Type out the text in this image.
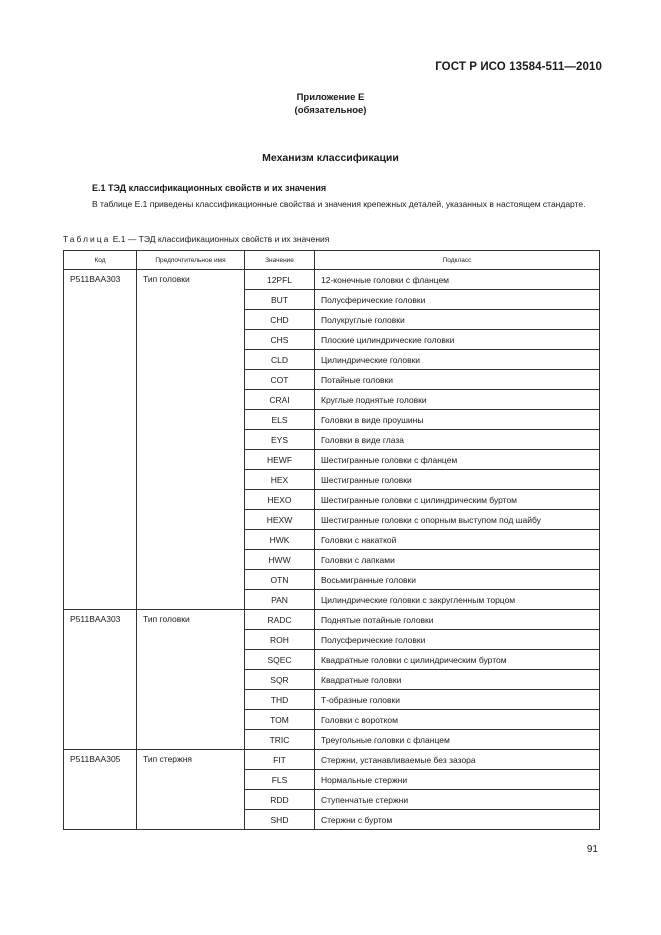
ГОСТ Р ИСО 13584-511—2010
Приложение Е
(обязательное)
Механизм классификации
Е.1 ТЭД классификационных свойств и их значения
В таблице Е.1 приведены классификационные свойства и значения крепежных деталей, указанных в настоящем стандарте.
Таблица Е.1 — ТЭД классификационных свойств и их значения
Код	Предпочтительное имя	Значение	Подкласс
P511BAA303	Тип головки	12PFL	12-конечные головки с фланцем
		BUT	Полусферические головки
		CHD	Полукруглые головки
		CHS	Плоские цилиндрические головки
		CLD	Цилиндрические головки
		COT	Потайные головки
		CRAI	Круглые поднятые головки
		ELS	Головки в виде проушины
		EYS	Головки в виде глаза
		HEWF	Шестигранные головки с фланцем
		HEX	Шестигранные головки
		HEXO	Шестигранные головки с цилиндрическим буртом
		HEXW	Шестигранные головки с опорным выступом под шайбу
		HWK	Головки с накаткой
		HWW	Головки с лапками
		OTN	Восьмигранные головки
		PAN	Цилиндрические головки с закругленным торцом
P511BAA303	Тип головки	RADC	Поднятые потайные головки
		ROH	Полусферические головки
		SQEC	Квадратные головки с цилиндрическим буртом
		SQR	Квадратные головки
		THD	Т-образные головки
		TOM	Головки с воротком
		TRIC	Треугольные головки с фланцем
P511BAA305	Тип стержня	FIT	Стержни, устанавливаемые без зазора
		FLS	Нормальные стержни
		RDD	Ступенчатые стержни
		SHD	Стержни с буртом
91
